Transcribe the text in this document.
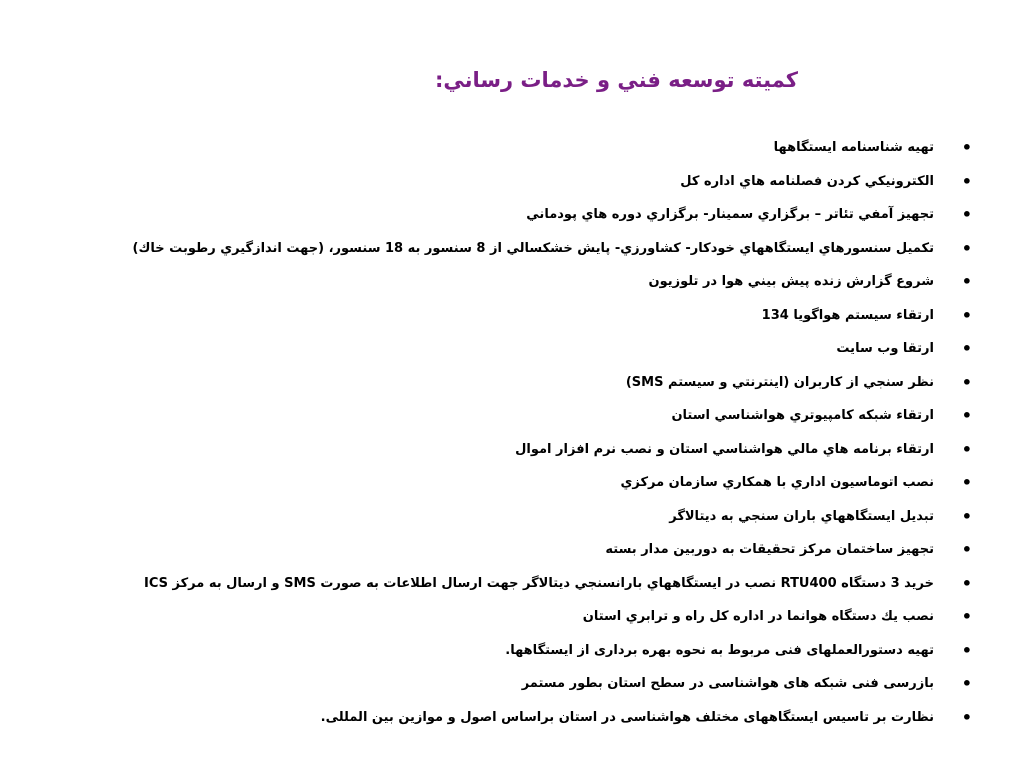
كميته توسعه فني و خدمات رساني:
•
تهيه شناسنامه ايستگاهها
•
الكترونيكي كردن فصلنامه هاي اداره كل
•
تجهيز آمفي تئاتر – برگزاري سمينار- برگزاري دوره هاي پودماني
•
تكميل سنسورهاي ايستگاههاي خودكار- كشاورزي- پايش خشكسالي از 8 سنسور به 18 سنسور، (جهت اندازگيري رطوبت خاك)
•
شروع گزارش زنده پيش بيني هوا در تلوزيون
•
ارتقاء سيستم هواگويا 134
•
ارتقا وب سايت
•
نظر سنجي از كاربران (اينترنتي و سيستم SMS)
•
ارتقاء شبكه كامپيوتري هواشناسي استان
•
ارتقاء برنامه هاي مالي هواشناسي استان و نصب نرم افزار اموال
•
نصب اتوماسيون اداري با همكاري سازمان مركزي
•
تبديل ايستگاههاي باران سنجي به ديتالاگر
•
تجهيز ساختمان مركز تحقيقات به دوربين مدار بسته
•
خريد 3 دستگاه RTU400 نصب در ايستگاههاي بارانسنجي ديتالاگر جهت ارسال اطلاعات به صورت SMS و ارسال به مركز ICS
•
نصب يك دستگاه هوانما در اداره كل راه و ترابري استان
•
تهیه دستورالعملهای فنی مربوط به نحوه بهره برداری از ایستگاهها.
•
بازرسی فنی شبکه های هواشناسی در سطح استان بطور مستمر
•
نظارت بر تاسیس ایستگاههای مختلف هواشناسی در استان براساس اصول و موازین بین المللی.
